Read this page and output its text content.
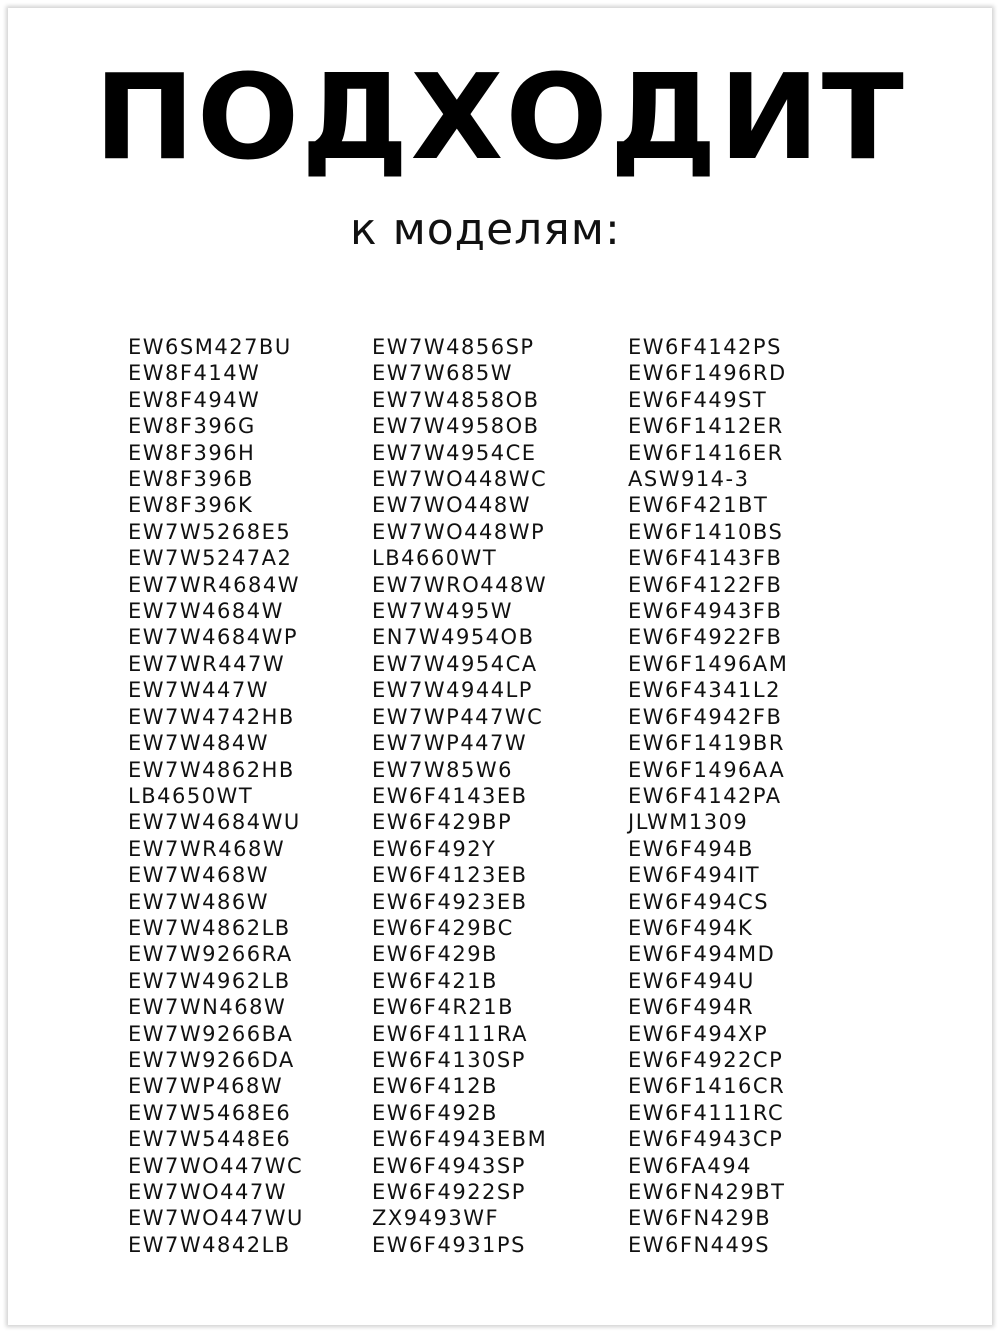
ПОДХОДИТ
к моделям:
EW6SM427BU
EW8F414W
EW8F494W
EW8F396G
EW8F396H
EW8F396B
EW8F396K
EW7W5268E5
EW7W5247A2
EW7WR4684W
EW7W4684W
EW7W4684WP
EW7WR447W
EW7W447W
EW7W4742HB
EW7W484W
EW7W4862HB
LB4650WT
EW7W4684WU
EW7WR468W
EW7W468W
EW7W486W
EW7W4862LB
EW7W9266RA
EW7W4962LB
EW7WN468W
EW7W9266BA
EW7W9266DA
EW7WP468W
EW7W5468E6
EW7W5448E6
EW7WO447WC
EW7WO447W
EW7WO447WU
EW7W4842LB
EW7W4856SP
EW7W685W
EW7W4858OB
EW7W4958OB
EW7W4954CE
EW7WO448WC
EW7WO448W
EW7WO448WP
LB4660WT
EW7WRO448W
EW7W495W
EN7W4954OB
EW7W4954CA
EW7W4944LP
EW7WP447WC
EW7WP447W
EW7W85W6
EW6F4143EB
EW6F429BP
EW6F492Y
EW6F4123EB
EW6F4923EB
EW6F429BC
EW6F429B
EW6F421B
EW6F4R21B
EW6F4111RA
EW6F4130SP
EW6F412B
EW6F492B
EW6F4943EBM
EW6F4943SP
EW6F4922SP
ZX9493WF
EW6F4931PS
EW6F4142PS
EW6F1496RD
EW6F449ST
EW6F1412ER
EW6F1416ER
ASW914-3
EW6F421BT
EW6F1410BS
EW6F4143FB
EW6F4122FB
EW6F4943FB
EW6F4922FB
EW6F1496AM
EW6F4341L2
EW6F4942FB
EW6F1419BR
EW6F1496AA
EW6F4142PA
JLWM1309
EW6F494B
EW6F494IT
EW6F494CS
EW6F494K
EW6F494MD
EW6F494U
EW6F494R
EW6F494XP
EW6F4922CP
EW6F1416CR
EW6F4111RC
EW6F4943CP
EW6FA494
EW6FN429BT
EW6FN429B
EW6FN449S
